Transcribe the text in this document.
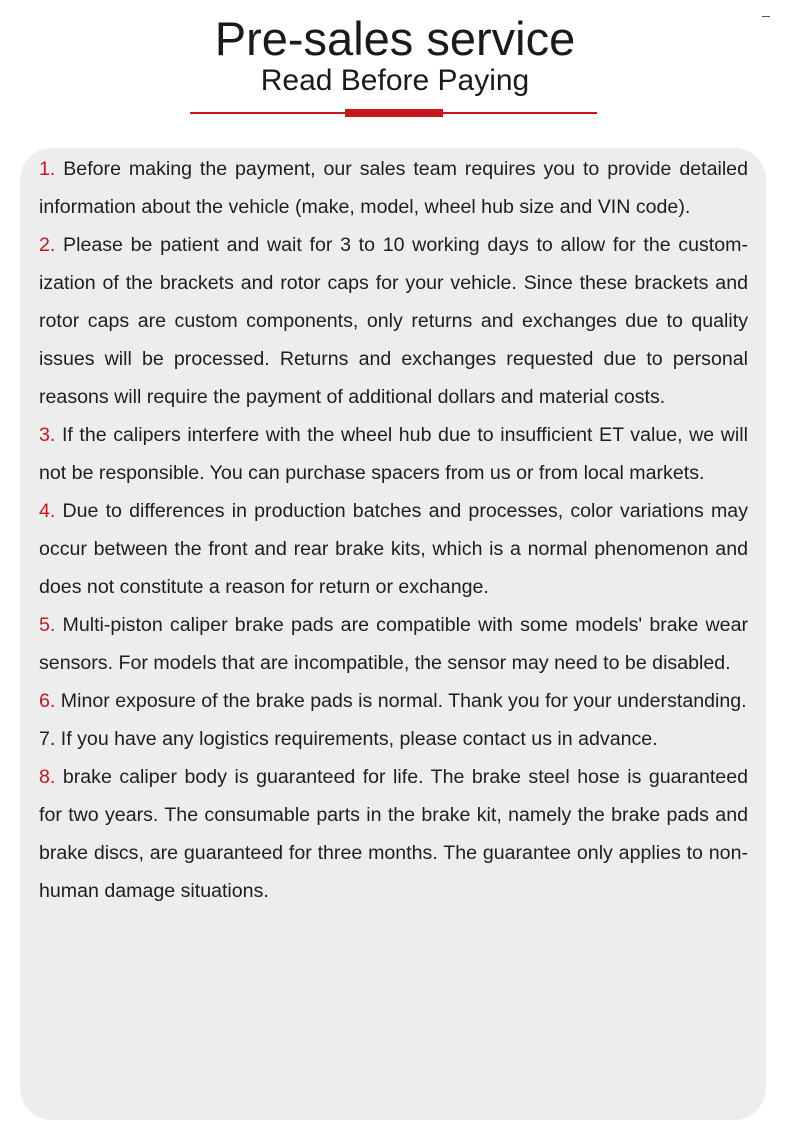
Pre-sales service
Read Before Paying

1. Before making the payment, our sales team requires you to provide detailed information about the vehicle (make, model, wheel hub size and VIN code).

2. Please be patient and wait for 3 to 10 working days to allow for the customization of the brackets and rotor caps for your vehicle. Since these brackets and rotor caps are custom components, only returns and exchanges due to quality issues will be processed. Returns and exchanges requested due to personal reasons will require the payment of additional dollars and material costs.

3. If the calipers interfere with the wheel hub due to insufficient ET value, we will not be responsible. You can purchase spacers from us or from local markets.

4. Due to differences in production batches and processes, color variations may occur between the front and rear brake kits, which is a normal phenomenon and does not constitute a reason for return or exchange.

5. Multi-piston caliper brake pads are compatible with some models' brake wear sensors. For models that are incompatible, the sensor may need to be disabled.

6. Minor exposure of the brake pads is normal. Thank you for your understanding.

7. If you have any logistics requirements, please contact us in advance.

8. brake caliper body is guaranteed for life. The brake steel hose is guaranteed for two years. The consumable parts in the brake kit, namely the brake pads and brake discs, are guaranteed for three months. The guarantee only applies to non-human damage situations.
